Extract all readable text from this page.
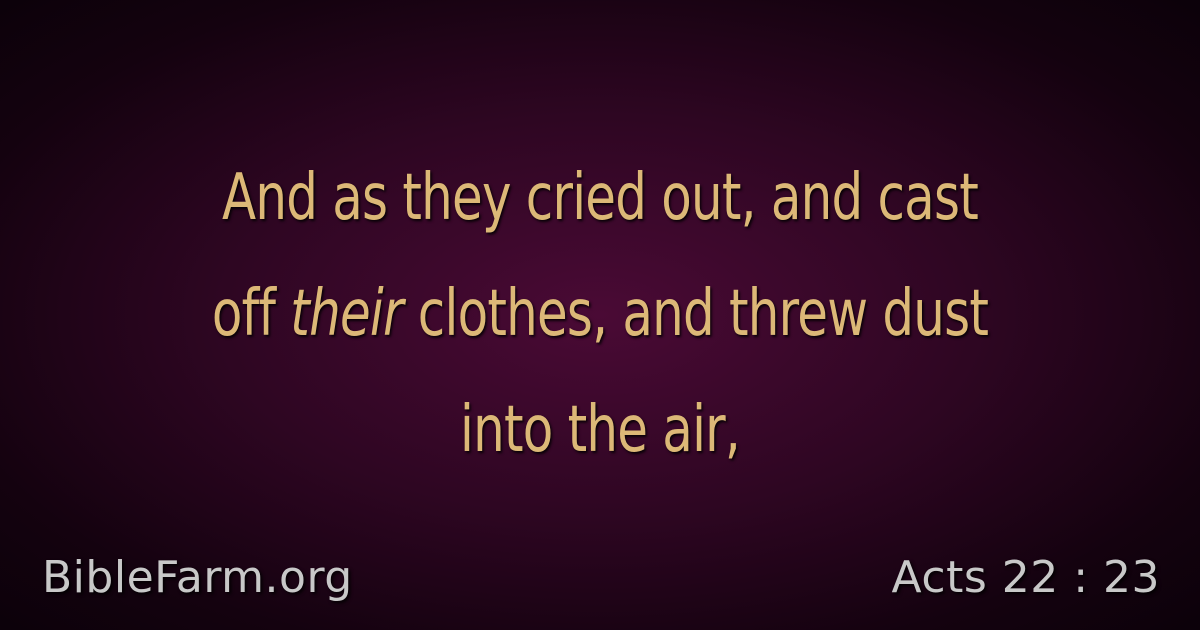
And as they cried out, and cast
off their clothes, and threw dust
into the air,
BibleFarm.org	Acts 22 : 23
